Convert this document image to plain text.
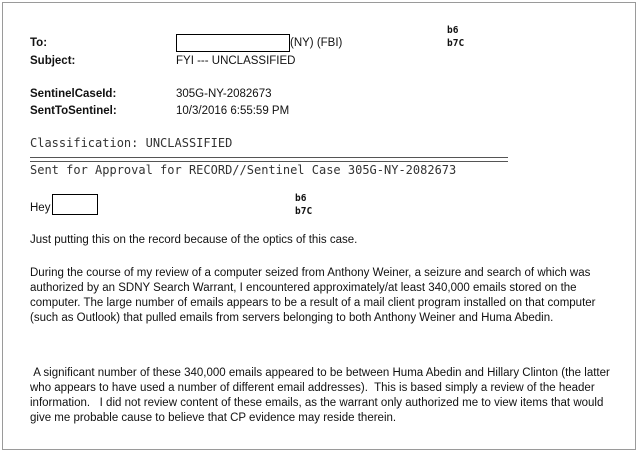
To:	(NY) (FBI)
Subject:	FYI --- UNCLASSIFIED
SentinelCaseId:	305G-NY-2082673
SentToSentinel:	10/3/2016 6:55:59 PM
b6
b7C
Classification: UNCLASSIFIED
Sent for Approval for RECORD//Sentinel Case 305G-NY-2082673
Hey
b6
b7C
Just putting this on the record because of the optics of this case.
During the course of my review of a computer seized from Anthony Weiner, a seizure and search of which was authorized by an SDNY Search Warrant, I encountered approximately/at least 340,000 emails stored on the computer. The large number of emails appears to be a result of a mail client program installed on that computer (such as Outlook) that pulled emails from servers belonging to both Anthony Weiner and Huma Abedin.
A significant number of these 340,000 emails appeared to be between Huma Abedin and Hillary Clinton (the latter who appears to have used a number of different email addresses).  This is based simply a review of the header information.   I did not review content of these emails, as the warrant only authorized me to view items that would give me probable cause to believe that CP evidence may reside therein.
